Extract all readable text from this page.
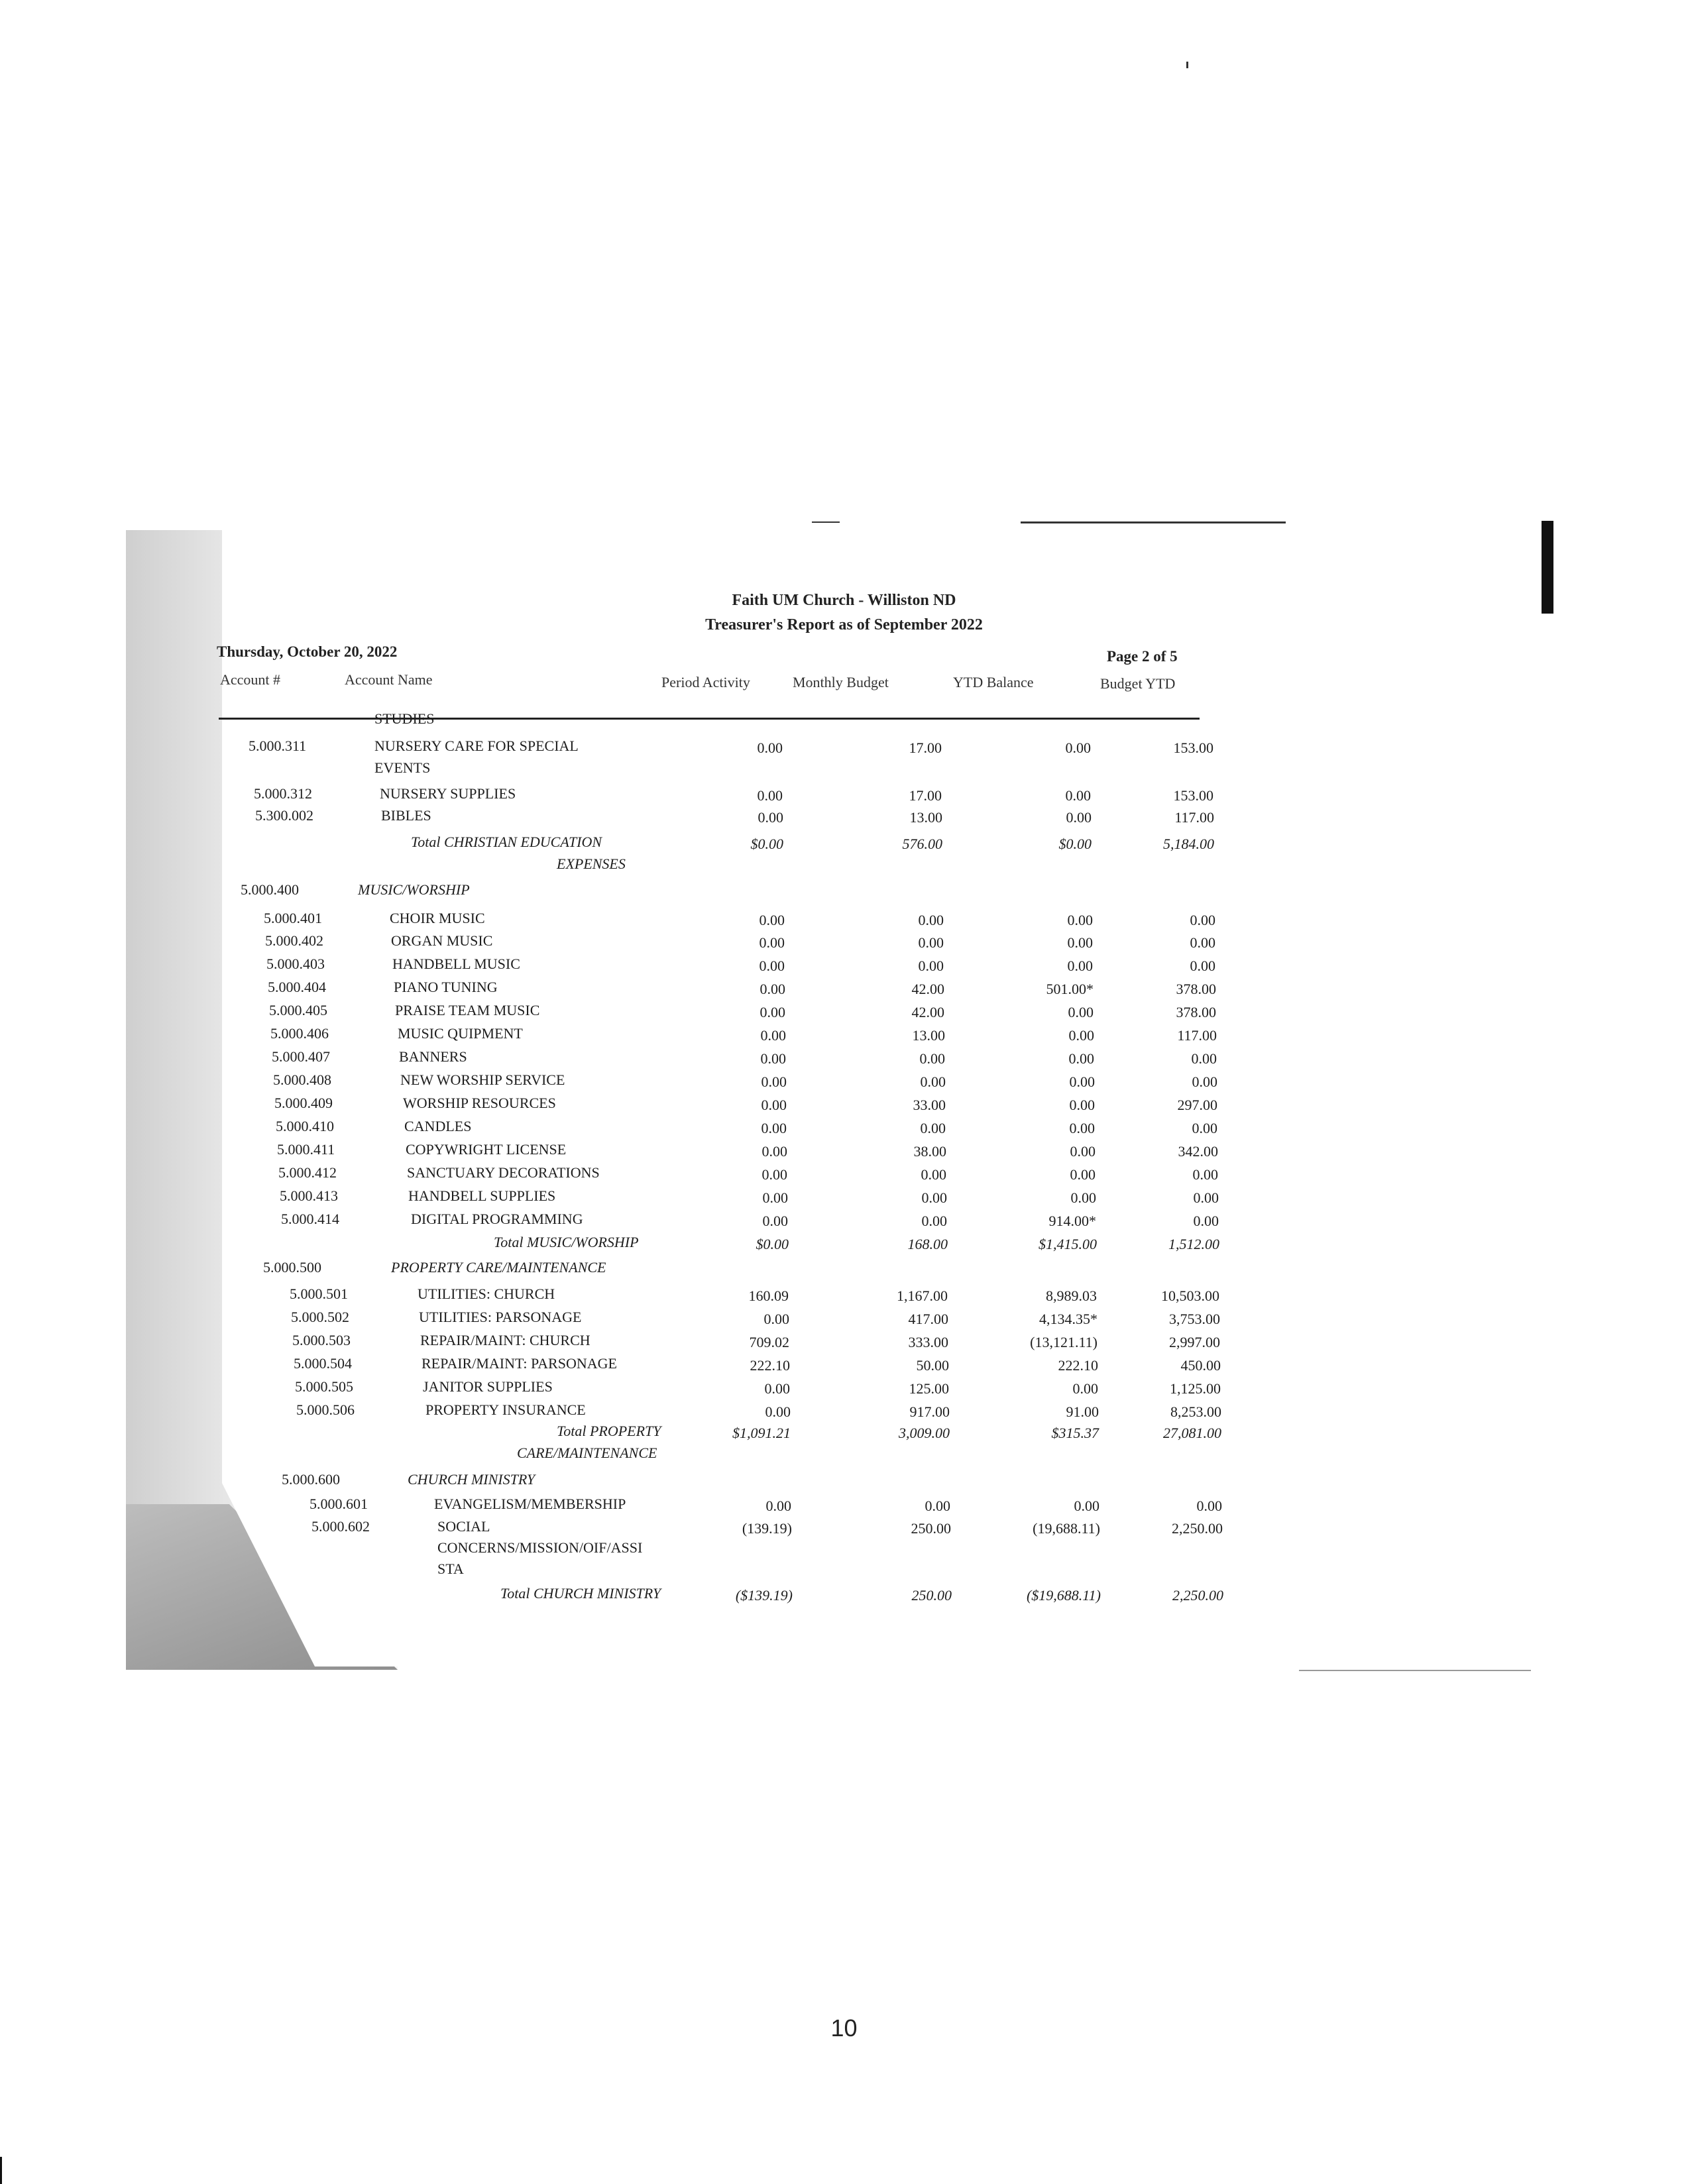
Faith UM Church - Williston ND
Treasurer's Report as of September 2022
Thursday, October 20, 2022	Page 2 of 5
Account #	Account Name	Period Activity	Monthly Budget	YTD Balance	Budget YTD
STUDIES
5.000.311	NURSERY CARE FOR SPECIAL	0.00	17.00	0.00	153.00
EVENTS
5.000.312	NURSERY SUPPLIES	0.00	17.00	0.00	153.00
5.300.002	BIBLES	0.00	13.00	0.00	117.00
Total CHRISTIAN EDUCATION	$0.00	576.00	$0.00	5,184.00
EXPENSES
5.000.400	MUSIC/WORSHIP
5.000.401	CHOIR MUSIC	0.00	0.00	0.00	0.00
5.000.402	ORGAN MUSIC	0.00	0.00	0.00	0.00
5.000.403	HANDBELL MUSIC	0.00	0.00	0.00	0.00
5.000.404	PIANO TUNING	0.00	42.00	501.00*	378.00
5.000.405	PRAISE TEAM MUSIC	0.00	42.00	0.00	378.00
5.000.406	MUSIC QUIPMENT	0.00	13.00	0.00	117.00
5.000.407	BANNERS	0.00	0.00	0.00	0.00
5.000.408	NEW WORSHIP SERVICE	0.00	0.00	0.00	0.00
5.000.409	WORSHIP RESOURCES	0.00	33.00	0.00	297.00
5.000.410	CANDLES	0.00	0.00	0.00	0.00
5.000.411	COPYWRIGHT LICENSE	0.00	38.00	0.00	342.00
5.000.412	SANCTUARY DECORATIONS	0.00	0.00	0.00	0.00
5.000.413	HANDBELL SUPPLIES	0.00	0.00	0.00	0.00
5.000.414	DIGITAL PROGRAMMING	0.00	0.00	914.00*	0.00
Total MUSIC/WORSHIP	$0.00	168.00	$1,415.00	1,512.00
5.000.500	PROPERTY CARE/MAINTENANCE
5.000.501	UTILITIES: CHURCH	160.09	1,167.00	8,989.03	10,503.00
5.000.502	UTILITIES: PARSONAGE	0.00	417.00	4,134.35*	3,753.00
5.000.503	REPAIR/MAINT: CHURCH	709.02	333.00	(13,121.11)	2,997.00
5.000.504	REPAIR/MAINT: PARSONAGE	222.10	50.00	222.10	450.00
5.000.505	JANITOR SUPPLIES	0.00	125.00	0.00	1,125.00
5.000.506	PROPERTY INSURANCE	0.00	917.00	91.00	8,253.00
Total PROPERTY	$1,091.21	3,009.00	$315.37	27,081.00
CARE/MAINTENANCE
5.000.600	CHURCH MINISTRY
5.000.601	EVANGELISM/MEMBERSHIP	0.00	0.00	0.00	0.00
5.000.602	SOCIAL	(139.19)	250.00	(19,688.11)	2,250.00
CONCERNS/MISSION/OIF/ASSI
STA
Total CHURCH MINISTRY	($139.19)	250.00	($19,688.11)	2,250.00
10
